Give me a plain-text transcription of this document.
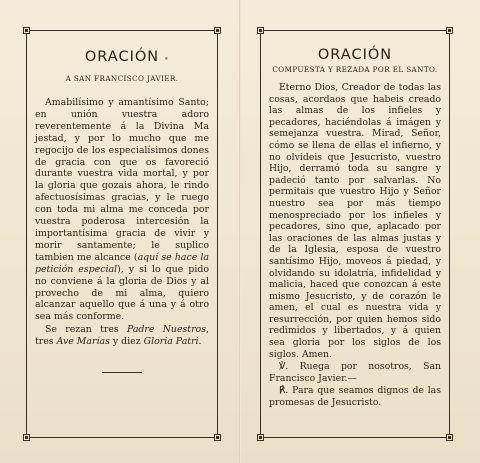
•
ORACIÓN
A SAN FRANCISCO JAVIER.

Amabilísimo y amantísimo Santo; en unión vuestra adoro reverentemente á la Divina Ma jestad, y por lo mucho que me regocijo de los especialísimos dones de gracia con que os favoreció durante vuestra vida mortal, y por la gloria que gozais ahora, le rindo afectuosísimas gracias, y le ruego con toda mi alma me conceda por vuestra poderosa intercesión la importantísima gracia de vivir y morir santamente; le suplico tambien me alcance (aquí se hace la petición especial), y si lo que pido no conviene á la gloria de Dios y al provecho de mi alma, quiero alcanzar aquello que á una y á otro sea más conforme.

Se rezan tres Padre Nuestros, tres Ave Marías y diez Gloria Patri.

ORACIÓN
COMPUESTA Y REZADA POR EL SANTO.

Eterno Dios, Creador de todas las cosas, acordaos que habeis creado las almas de los infieles y pecadores, haciéndolas á imágen y semejanza vuestra. Mirad, Señor, cómo se llena de ellas el infierno, y no olvideis que Jesucristo, vuestro Hijo, derramó toda su sangre y padeció tanto por salvarlas. No permitais que vuestro Hijo y Señor nuestro sea por más tiempo menospreciado por los infieles y pecadores, sino que, aplacado por las oraciones de las almas justas y de la Iglesia, esposa de vuestro santísimo Hijo, moveos á piedad, y olvidando su idolatría, infidelidad y malicia, haced que conozcan á este mismo Jesucristo, y de corazón le amen, el cual es nuestra vida y resurrección, por quien hemos sido redimidos y libertados, y á quien sea gloria por los siglos de los siglos. Amen.

℣. Ruega por nosotros, San Francisco Javier.—

℟. Para que seamos dignos de las promesas de Jesucristo.
